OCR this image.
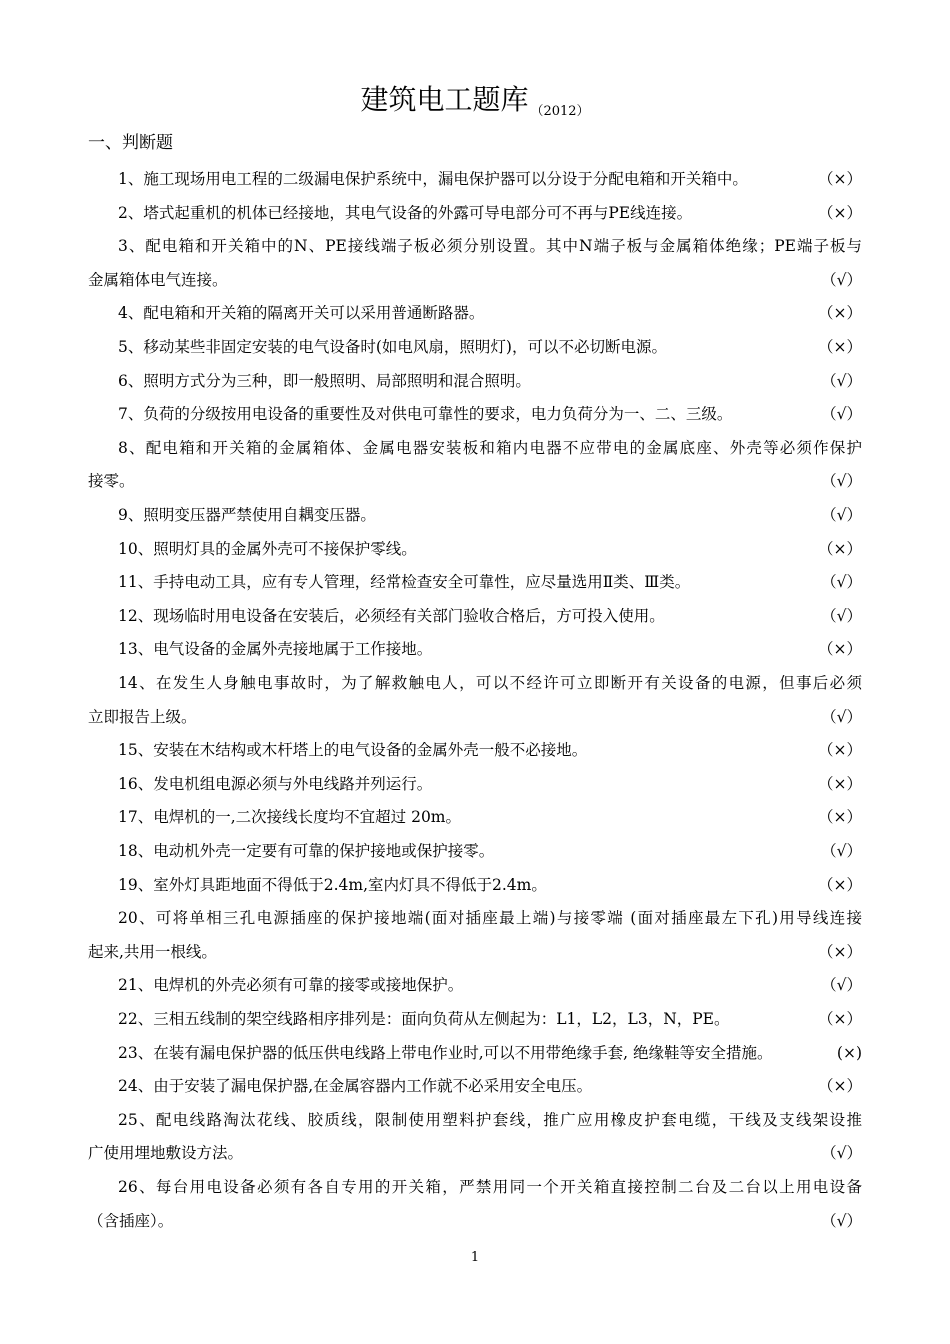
建筑电工题库 $_{(2012)}$
一、判断题
1、施工现场用电工程的二级漏电保护系统中，漏电保护器可以分设于分配电箱和开关箱中。	（×）
2、塔式起重机的机体已经接地，其电气设备的外露可导电部分可不再与PE线连接。	（×）
3、配电箱和开关箱中的N、PE接线端子板必须分别设置。其中N端子板与金属箱体绝缘；PE端子板与
金属箱体电气连接。	（√）
4、配电箱和开关箱的隔离开关可以采用普通断路器。	（×）
5、移动某些非固定安装的电气设备时(如电风扇，照明灯)，可以不必切断电源。	（×）
6、照明方式分为三种，即一般照明、局部照明和混合照明。	（√）
7、负荷的分级按用电设备的重要性及对供电可靠性的要求，电力负荷分为一、二、三级。	（√）
8、配电箱和开关箱的金属箱体、金属电器安装板和箱内电器不应带电的金属底座、外壳等必须作保护
接零。	（√）
9、照明变压器严禁使用自耦变压器。	（√）
10、照明灯具的金属外壳可不接保护零线。	（×）
11、手持电动工具，应有专人管理，经常检查安全可靠性，应尽量选用Ⅱ类、Ⅲ类。	（√）
12、现场临时用电设备在安装后，必须经有关部门验收合格后，方可投入使用。	（√）
13、电气设备的金属外壳接地属于工作接地。	（×）
14、在发生人身触电事故时，为了解救触电人，可以不经许可立即断开有关设备的电源，但事后必须
立即报告上级。	（√）
15、安装在木结构或木杆塔上的电气设备的金属外壳一般不必接地。	（×）
16、发电机组电源必须与外电线路并列运行。	（×）
17、电焊机的一,二次接线长度均不宜超过 20m。	（×）
18、电动机外壳一定要有可靠的保护接地或保护接零。	（√）
19、室外灯具距地面不得低于2.4m,室内灯具不得低于2.4m。	（×）
20、可将单相三孔电源插座的保护接地端(面对插座最上端)与接零端 (面对插座最左下孔)用导线连接
起来,共用一根线。	（×）
21、电焊机的外壳必须有可靠的接零或接地保护。	（√）
22、三相五线制的架空线路相序排列是：面向负荷从左侧起为：L1，L2，L3，N，PE。	（×）
23、在装有漏电保护器的低压供电线路上带电作业时,可以不用带绝缘手套, 绝缘鞋等安全措施。	(×)
24、由于安装了漏电保护器,在金属容器内工作就不必采用安全电压。	（×）
25、配电线路淘汰花线、胶质线，限制使用塑料护套线，推广应用橡皮护套电缆，干线及支线架设推
广使用埋地敷设方法。	（√）
26、每台用电设备必须有各自专用的开关箱，严禁用同一个开关箱直接控制二台及二台以上用电设备
（含插座）。	（√）
1
